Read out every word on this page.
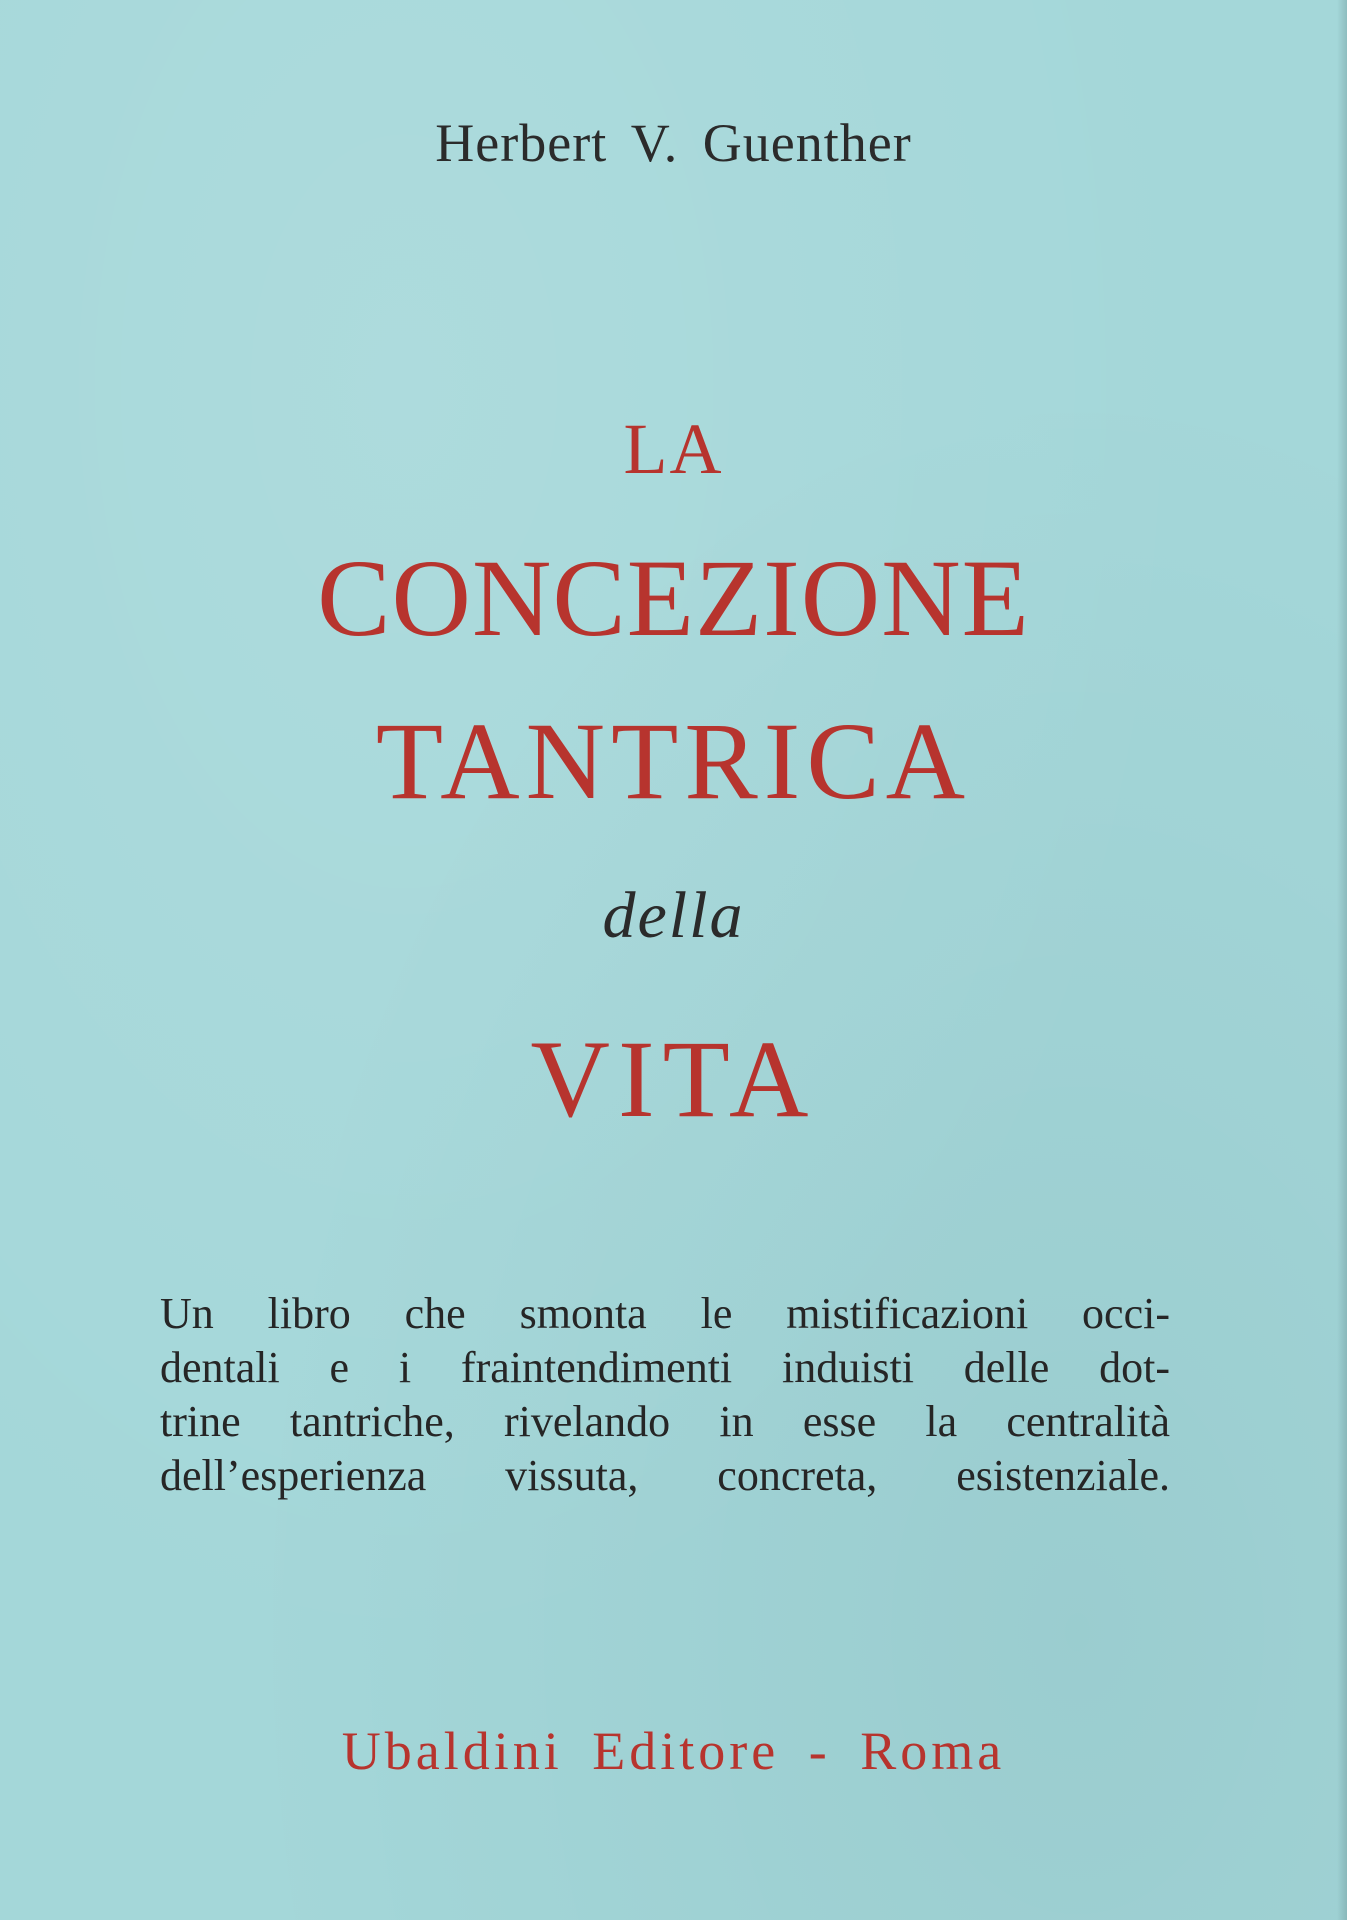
Herbert V. Guenther
LA
CONCEZIONE
TANTRICA
della
VITA
Un libro che smonta le mistificazioni occi-
dentali e i fraintendimenti induisti delle dot-
trine tantriche, rivelando in esse la centralità
dell’esperienza vissuta, concreta, esistenziale.
Ubaldini Editore - Roma
